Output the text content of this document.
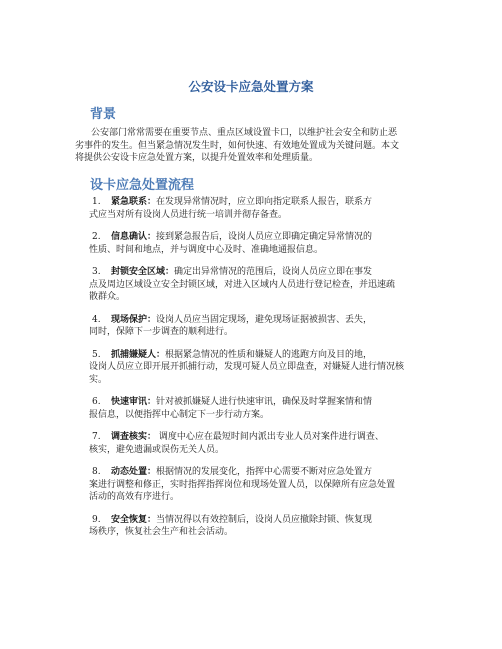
公安设卡应急处置方案
背景
公安部门常常需要在重要节点、重点区域设置卡口，以维护社会安全和防止恶
劣事件的发生。但当紧急情况发生时，如何快速、有效地处置成为关键问题。本文
将提供公安设卡应急处置方案，以提升处置效率和处理质量。
设卡应急处置流程
1. 紧急联系：在发现异常情况时，应立即向指定联系人报告，联系方
式应当对所有设岗人员进行统一培训并彻存备查。
2. 信息确认：接到紧急报告后，设岗人员应立即确定确定异常情况的
性质、时间和地点，并与调度中心及时、准确地通报信息。
3. 封锁安全区域：确定出异常情况的范围后，设岗人员应立即在事发
点及周边区域设立安全封锁区域，对进入区域内人员进行登记检查，并迅速疏
散群众。
4. 现场保护：设岗人员应当固定现场，避免现场证据被损害、丢失，
同时，保障下一步调查的顺利进行。
5. 抓捕嫌疑人：根据紧急情况的性质和嫌疑人的逃跑方向及目的地，
设岗人员应立即开展开抓捕行动，发现可疑人员立即盘查，对嫌疑人进行情况核
实。
6. 快速审讯：针对被抓嫌疑人进行快速审讯，确保及时掌握案情和情
报信息，以便指挥中心制定下一步行动方案。
7. 调查核实： 调度中心应在最短时间内派出专业人员对案件进行调查、
核实，避免遗漏或误伤无关人员。
8. 动态处置：根据情况的发展变化，指挥中心需要不断对应急处置方
案进行调整和修正，实时指挥指挥岗位和现场处置人员，以保障所有应急处置
活动的高效有序进行。
9. 安全恢复：当情况得以有效控制后，设岗人员应撤除封锁、恢复现
场秩序，恢复社会生产和社会活动。
